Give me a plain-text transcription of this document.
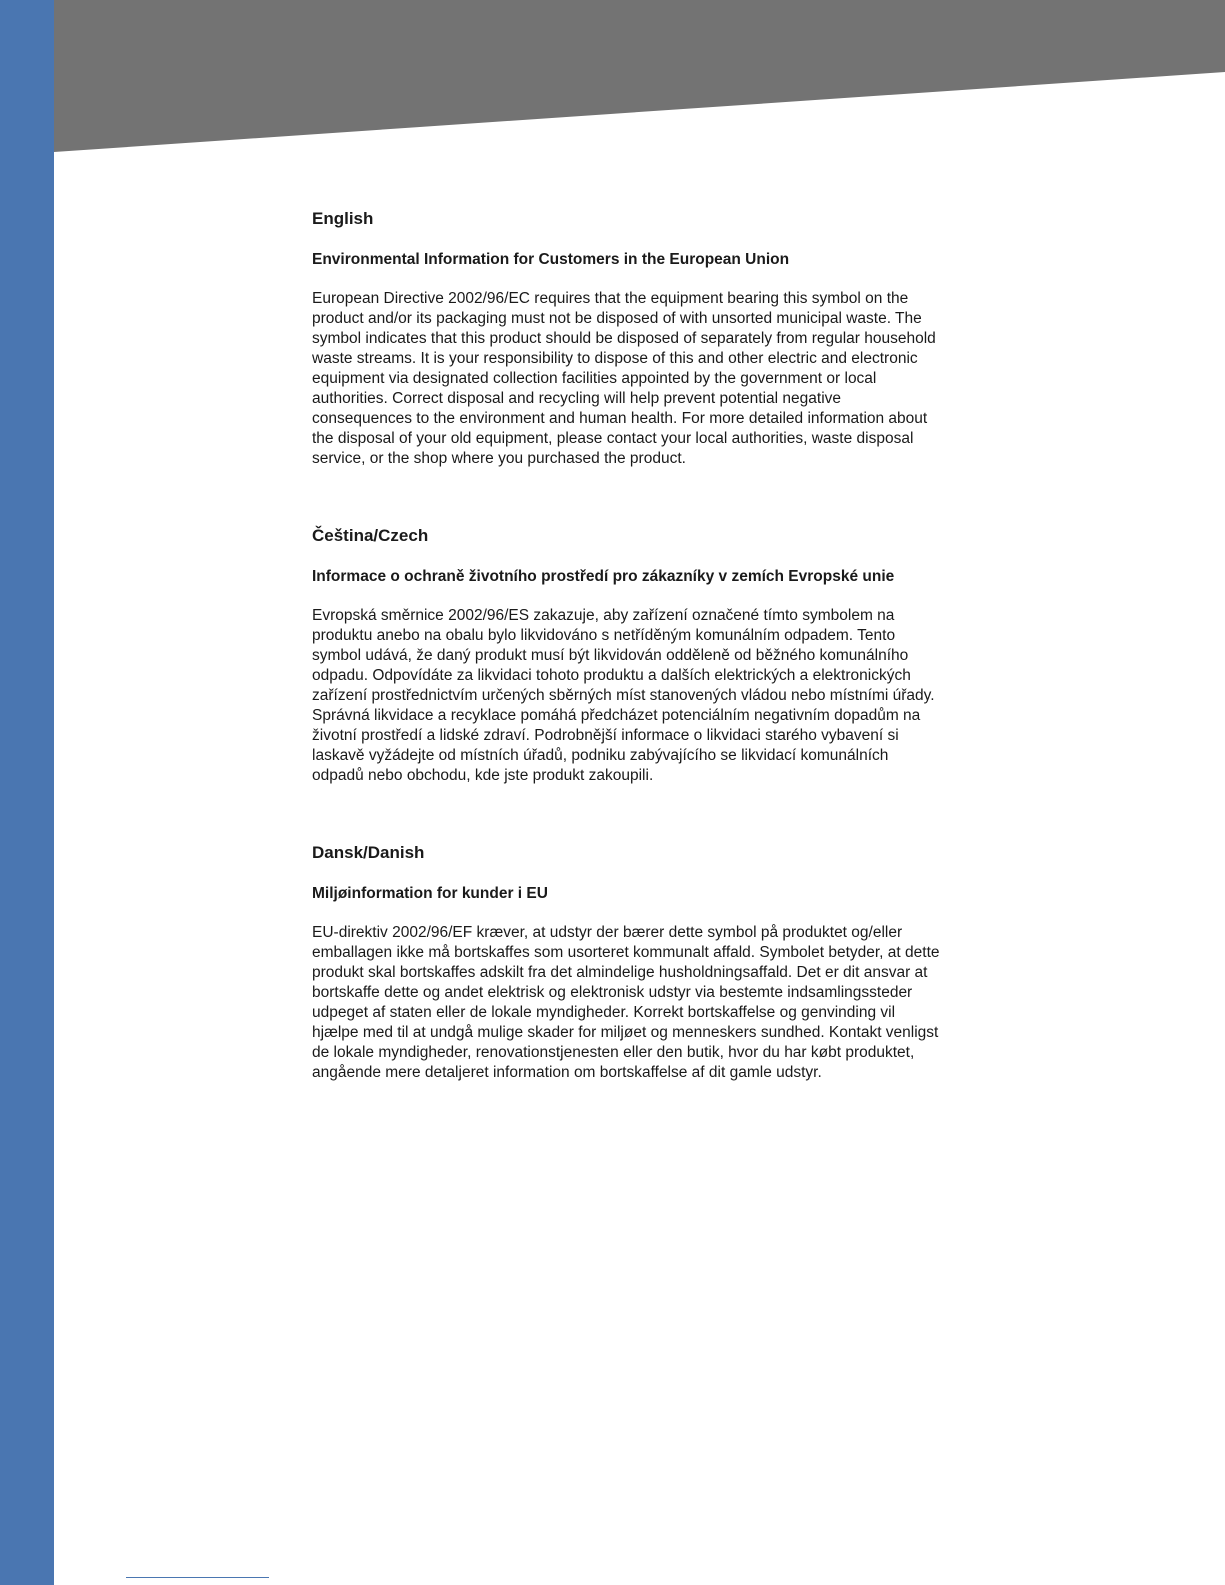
English
Environmental Information for Customers in the European Union

European Directive 2002/96/EC requires that the equipment bearing this symbol on the product and/or its packaging must not be disposed of with unsorted municipal waste. The symbol indicates that this product should be disposed of separately from regular household waste streams. It is your responsibility to dispose of this and other electric and electronic equipment via designated collection facilities appointed by the government or local authorities. Correct disposal and recycling will help prevent potential negative consequences to the environment and human health. For more detailed information about the disposal of your old equipment, please contact your local authorities, waste disposal service, or the shop where you purchased the product.

Čeština/Czech
Informace o ochraně životního prostředí pro zákazníky v zemích Evropské unie

Evropská směrnice 2002/96/ES zakazuje, aby zařízení označené tímto symbolem na produktu anebo na obalu bylo likvidováno s netříděným komunálním odpadem. Tento symbol udává, že daný produkt musí být likvidován odděleně od běžného komunálního odpadu. Odpovídáte za likvidaci tohoto produktu a dalších elektrických a elektronických zařízení prostřednictvím určených sběrných míst stanovených vládou nebo místními úřady. Správná likvidace a recyklace pomáhá předcházet potenciálním negativním dopadům na životní prostředí a lidské zdraví. Podrobnější informace o likvidaci starého vybavení si laskavě vyžádejte od místních úřadů, podniku zabývajícího se likvidací komunálních odpadů nebo obchodu, kde jste produkt zakoupili.

Dansk/Danish
Miljøinformation for kunder i EU

EU-direktiv 2002/96/EF kræver, at udstyr der bærer dette symbol på produktet og/eller emballagen ikke må bortskaffes som usorteret kommunalt affald. Symbolet betyder, at dette produkt skal bortskaffes adskilt fra det almindelige husholdningsaffald. Det er dit ansvar at bortskaffe dette og andet elektrisk og elektronisk udstyr via bestemte indsamlingssteder udpeget af staten eller de lokale myndigheder. Korrekt bortskaffelse og genvinding vil hjælpe med til at undgå mulige skader for miljøet og menneskers sundhed. Kontakt venligst de lokale myndigheder, renovationstjenesten eller den butik, hvor du har købt produktet, angående mere detaljeret information om bortskaffelse af dit gamle udstyr.
